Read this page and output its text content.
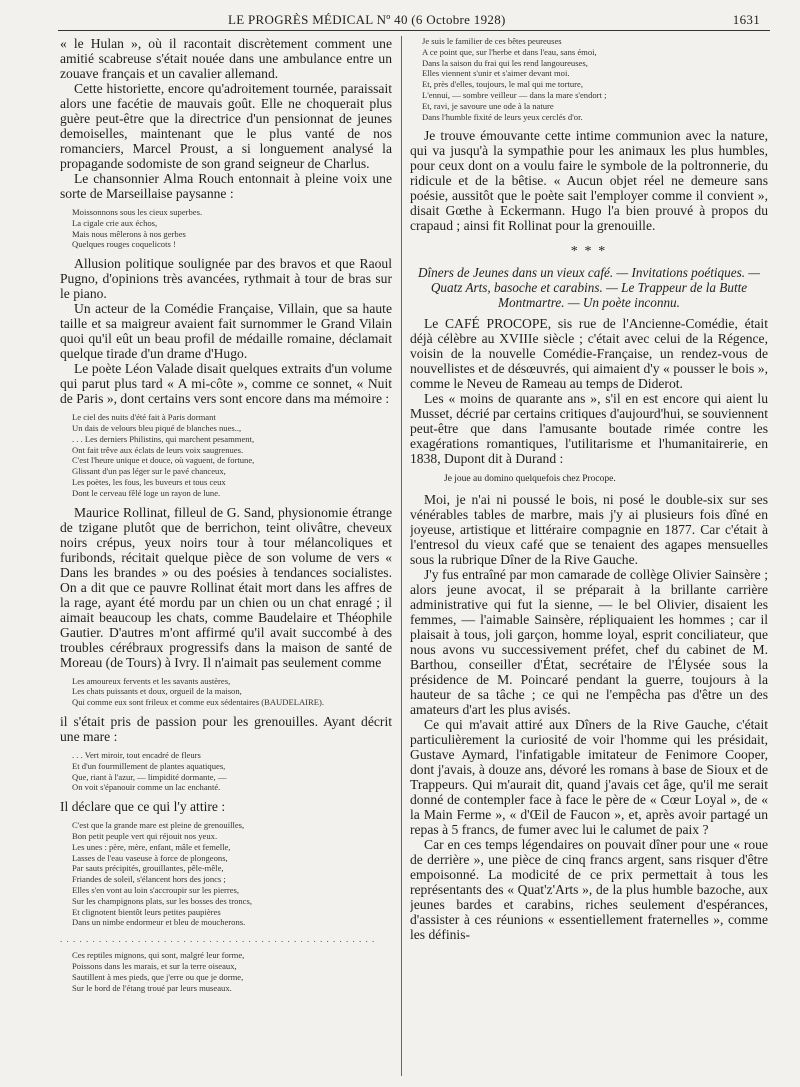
LE PROGRÈS MÉDICAL Nº 40 (6 Octobre 1928)	1631

« le Hulan », où il racontait discrètement comment une amitié scabreuse s'était nouée dans une ambulance entre un zouave français et un cavalier allemand.

Cette historiette, encore qu'adroitement tournée, paraissait alors une facétie de mauvais goût. Elle ne choquerait plus guère peut-être que la directrice d'un pensionnat de jeunes demoiselles, maintenant que le plus vanté de nos romanciers, Marcel Proust, a si longuement analysé la propagande sodomiste de son grand seigneur de Charlus.

Le chansonnier Alma Rouch entonnait à pleine voix une sorte de Marseillaise paysanne :

Moissonnons sous les cieux superbes.
La cigale crie aux échos,
Mais nous mêlerons à nos gerbes
Quelques rouges coquelicots !

Allusion politique soulignée par des bravos et que Raoul Pugno, d'opinions très avancées, rythmait à tour de bras sur le piano.

Un acteur de la Comédie Française, Villain, que sa haute taille et sa maigreur avaient fait surnommer le Grand Vilain quoi qu'il eût un beau profil de médaille romaine, déclamait quelque tirade d'un drame d'Hugo.

Le poète Léon Valade disait quelques extraits d'un volume qui parut plus tard « A mi-côte », comme ce sonnet, « Nuit de Paris », dont certains vers sont encore dans ma mémoire :

Le ciel des nuits d'été fait à Paris dormant
Un dais de velours bleu piqué de blanches nues..,
. . . Les derniers Philistins, qui marchent pesamment,
Ont fait trêve aux éclats de leurs voix saugrenues.
C'est l'heure unique et douce, où vaguent, de fortune,
Glissant d'un pas léger sur le pavé chanceux,
Les poètes, les fous, les buveurs et tous ceux
Dont le cerveau fêlé loge un rayon de lune.

Maurice Rollinat, filleul de G. Sand, physionomie étrange de tzigane plutôt que de berrichon, teint olivâtre, cheveux noirs crépus, yeux noirs tour à tour mélancoliques et furibonds, récitait quelque pièce de son volume de vers « Dans les brandes » ou des poésies à tendances socialistes. On a dit que ce pauvre Rollinat était mort dans les affres de la rage, ayant été mordu par un chien ou un chat enragé ; il aimait beaucoup les chats, comme Baudelaire et Théophile Gautier. D'autres m'ont affirmé qu'il avait succombé à des troubles cérébraux progressifs dans la maison de santé de Moreau (de Tours) à Ivry. Il n'aimait pas seulement comme

Les amoureux fervents et les savants austères,
Les chats puissants et doux, orgueil de la maison,
Qui comme eux sont frileux et comme eux sédentaires (BAUDELAIRE).

il s'était pris de passion pour les grenouilles. Ayant décrit une mare :

. . . Vert miroir, tout encadré de fleurs
Et d'un fourmillement de plantes aquatiques,
Que, riant à l'azur, — limpidité dormante, —
On voit s'épanouir comme un lac enchanté.

Il déclare que ce qui l'y attire :

C'est que la grande mare est pleine de grenouilles,
Bon petit peuple vert qui réjouit nos yeux.
Les unes : père, mère, enfant, mâle et femelle,
Lasses de l'eau vaseuse à force de plongeons,
Par sauts précipités, grouillantes, pêle-mêle,
Friandes de soleil, s'élancent hors des joncs ;
Elles s'en vont au loin s'accroupir sur les pierres,
Sur les champignons plats, sur les bosses des troncs,
Et clignotent bientôt leurs petites paupières
Dans un nimbe endormeur et bleu de moucherons.
. . . . . . . . . . . . . . . . . . . . . . . . . . . . . . . . . . . . . . . . . . . . . . . . .
Ces reptiles mignons, qui sont, malgré leur forme,
Poissons dans les marais, et sur la terre oiseaux,
Sautillent à mes pieds, que j'erre ou que je dorme,
Sur le bord de l'étang troué par leurs museaux.
Je suis le familier de ces bêtes peureuses
A ce point que, sur l'herbe et dans l'eau, sans émoi,
Dans la saison du frai qui les rend langoureuses,
Elles viennent s'unir et s'aimer devant moi.
Et, près d'elles, toujours, le mal qui me torture,
L'ennui, — sombre veilleur — dans la mare s'endort ;
Et, ravi, je savoure une ode à la nature
Dans l'humble fixité de leurs yeux cerclés d'or.

Je trouve émouvante cette intime communion avec la nature, qui va jusqu'à la sympathie pour les animaux les plus humbles, pour ceux dont on a voulu faire le symbole de la poltronnerie, du ridicule et de la bêtise. « Aucun objet réel ne demeure sans poésie, aussitôt que le poète sait l'employer comme il convient », disait Gœthe à Eckermann. Hugo l'a bien prouvé à propos du crapaud ; ainsi fit Rollinat pour la grenouille.

* * *
Dîners de Jeunes dans un vieux café. — Invitations poétiques. — Quatz Arts, basoche et carabins. — Le Trappeur de la Butte Montmartre. — Un poète inconnu.

Le CAFÉ PROCOPE, sis rue de l'Ancienne-Comédie, était déjà célèbre au XVIIIe siècle ; c'était avec celui de la Régence, voisin de la nouvelle Comédie-Française, un rendez-vous de nouvellistes et de désœuvrés, qui aimaient d'y « pousser le bois », comme le Neveu de Rameau au temps de Diderot.

Les « moins de quarante ans », s'il en est encore qui aient lu Musset, décrié par certains critiques d'aujourd'hui, se souviennent peut-être que dans l'amusante boutade rimée contre les exagérations romantiques, l'utilitarisme et l'humanitairerie, en 1838, Dupont dit à Durand :

Je joue au domino quelquefois chez Procope.

Moi, je n'ai ni poussé le bois, ni posé le double-six sur ses vénérables tables de marbre, mais j'y ai plusieurs fois dîné en joyeuse, artistique et littéraire compagnie en 1877. Car c'était à l'entresol du vieux café que se tenaient des agapes mensuelles sous la rubrique Dîner de la Rive Gauche.

J'y fus entraîné par mon camarade de collège Olivier Sainsère ; alors jeune avocat, il se préparait à la brillante carrière administrative qui fut la sienne, — le bel Olivier, disaient les femmes, — l'aimable Sainsère, répliquaient les hommes ; car il plaisait à tous, joli garçon, homme loyal, esprit conciliateur, que nous avons vu successivement préfet, chef du cabinet de M. Barthou, conseiller d'État, secrétaire de l'Élysée sous la présidence de M. Poincaré pendant la guerre, toujours à la hauteur de sa tâche ; ce qui ne l'empêcha pas d'être un des amateurs d'art les plus avisés.

Ce qui m'avait attiré aux Dîners de la Rive Gauche, c'était particulièrement la curiosité de voir l'homme qui les présidait, Gustave Aymard, l'infatigable imitateur de Fenimore Cooper, dont j'avais, à douze ans, dévoré les romans à base de Sioux et de Trappeurs. Qui m'aurait dit, quand j'avais cet âge, qu'il me serait donné de contempler face à face le père de « Cœur Loyal », de « la Main Ferme », « d'Œil de Faucon », et, après avoir partagé un repas à 5 francs, de fumer avec lui le calumet de paix ?

Car en ces temps légendaires on pouvait dîner pour une « roue de derrière », une pièce de cinq francs argent, sans risquer d'être empoisonné. La modicité de ce prix permettait à tous les représentants des « Quat'z'Arts », de la plus humble bazoche, aux jeunes bardes et carabins, riches seulement d'espérances, d'assister à ces réunions « essentiellement fraternelles », comme les définis-
